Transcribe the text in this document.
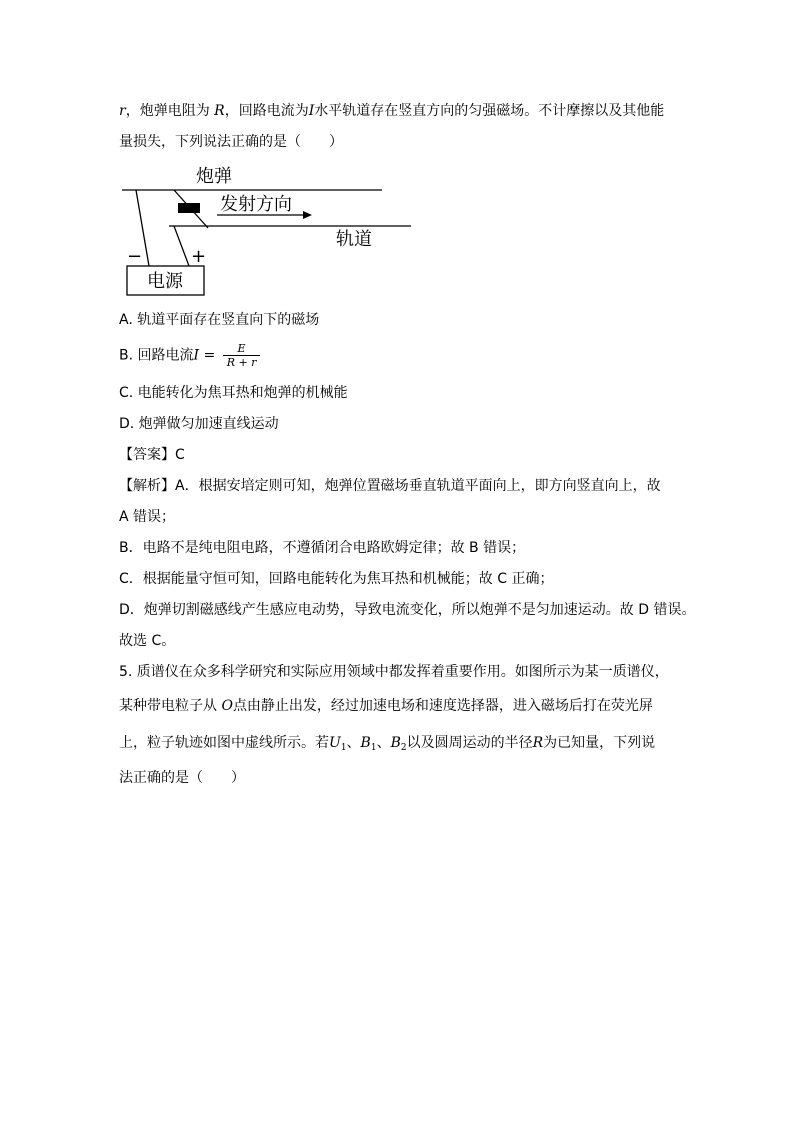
r，炮弹电阻为 R，回路电流为I水平轨道存在竖直方向的匀强磁场。不计摩擦以及其他能
量损失，下列说法正确的是（　　）
炮弹
发射方向
轨道
−	+
电源
A. 轨道平面存在竖直向下的磁场
B. 回路电流$I = \frac{E}{R + r}$
C. 电能转化为焦耳热和炮弹的机械能
D. 炮弹做匀加速直线运动
【答案】C
【解析】A．根据安培定则可知，炮弹位置磁场垂直轨道平面向上，即方向竖直向上，故
A 错误；
B．电路不是纯电阻电路，不遵循闭合电路欧姆定律；故 B 错误；
C．根据能量守恒可知，回路电能转化为焦耳热和机械能；故 C 正确；
D．炮弹切割磁感线产生感应电动势，导致电流变化，所以炮弹不是匀加速运动。故 D 错误。
故选 C。
5. 质谱仪在众多科学研究和实际应用领域中都发挥着重要作用。如图所示为某一质谱仪，
某种带电粒子从 O点由静止出发，经过加速电场和速度选择器，进入磁场后打在荧光屏
上，粒子轨迹如图中虚线所示。若$U_1$、$B_1$、$B_2$以及圆周运动的半径R为已知量，下列说
法正确的是（　　）
